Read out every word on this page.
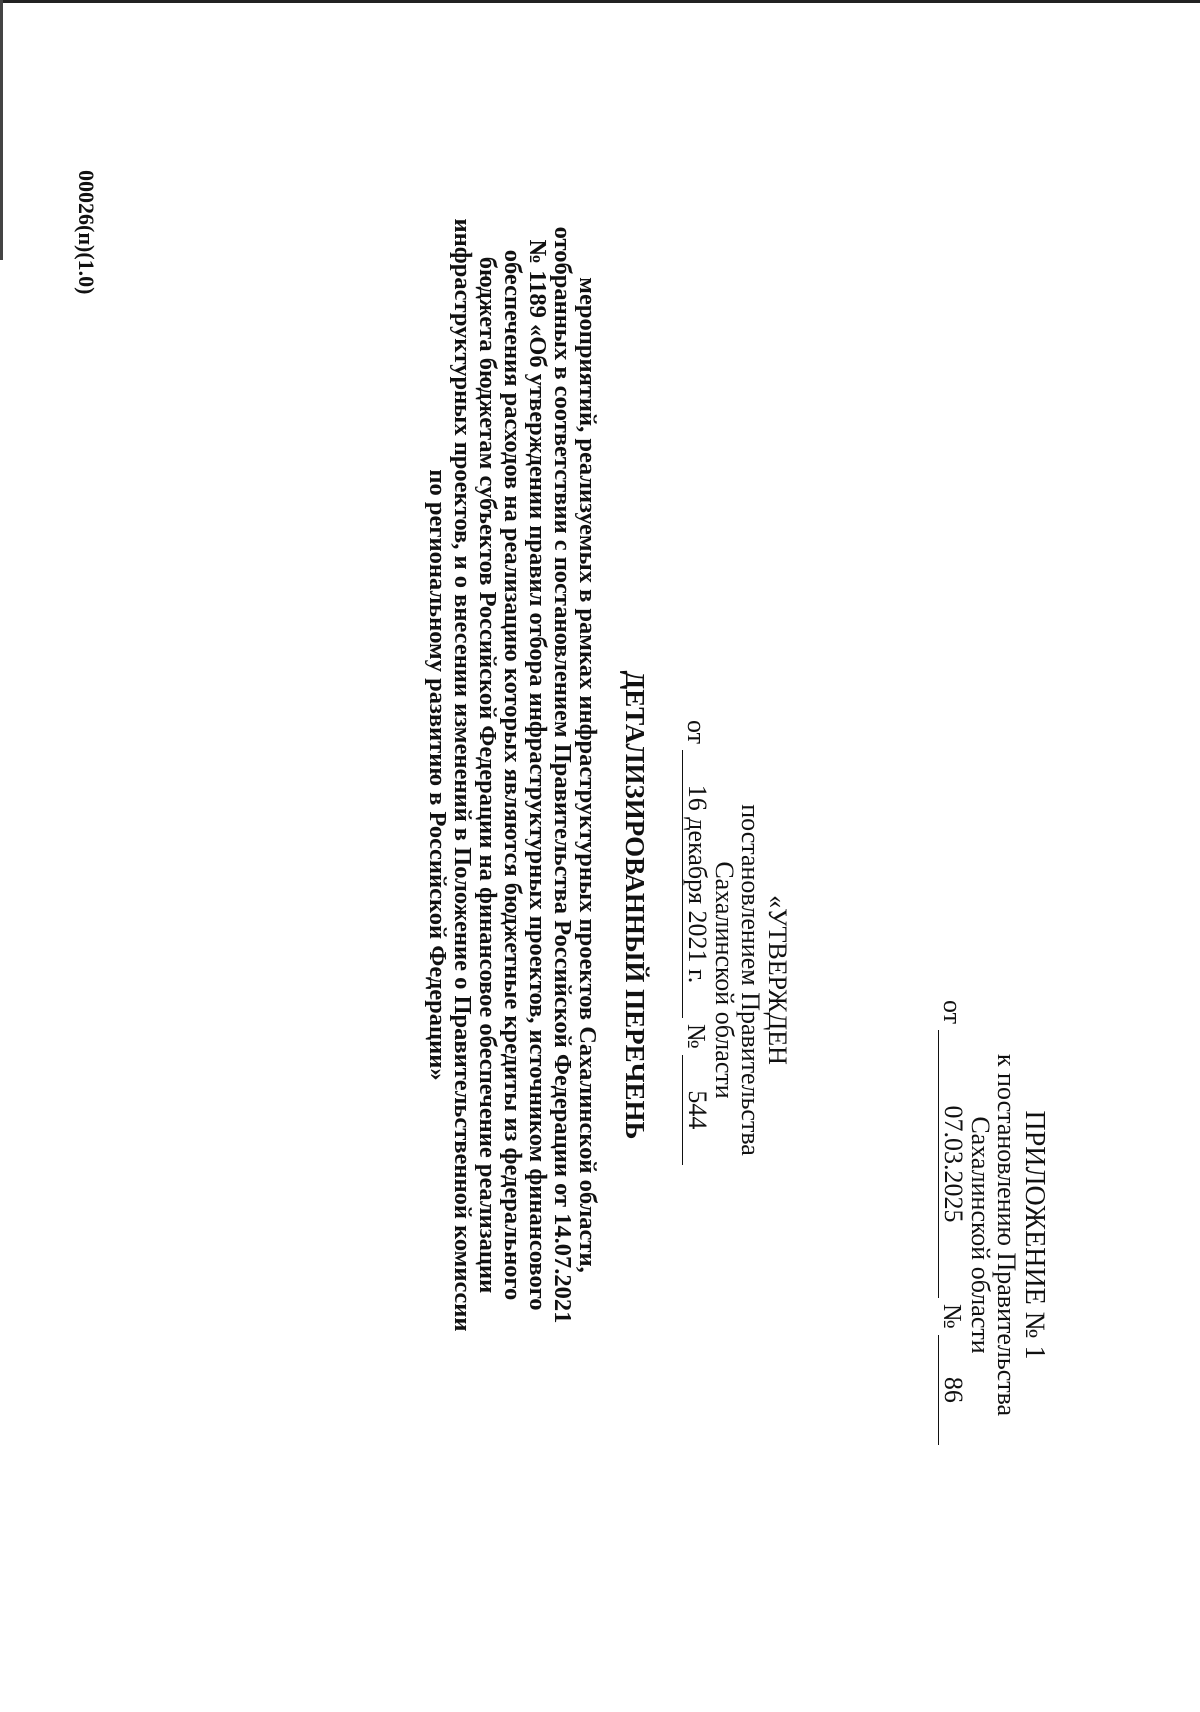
ПРИЛОЖЕНИЕ № 1
к постановлению Правительства
Сахалинской области
от
07.03.2025
№
86
«УТВЕРЖДЕН
постановлением Правительства
Сахалинской области
от
16 декабря 2021 г.
№
544
00026(п)(1.0)
ДЕТАЛИЗИРОВАННЫЙ ПЕРЕЧЕНЬ
мероприятий, реализуемых в рамках инфраструктурных проектов Сахалинской области,
отобранных в соответствии с постановлением Правительства Российской Федерации от 14.07.2021
№ 1189 «Об утверждении правил отбора инфраструктурных проектов, источником финансового
обеспечения расходов на реализацию которых являются бюджетные кредиты из федерального
бюджета бюджетам субъектов Российской Федерации на финансовое обеспечение реализации
инфраструктурных проектов, и о внесении изменений в Положение о Правительственной комиссии
по региональному развитию в Российской Федерации»
